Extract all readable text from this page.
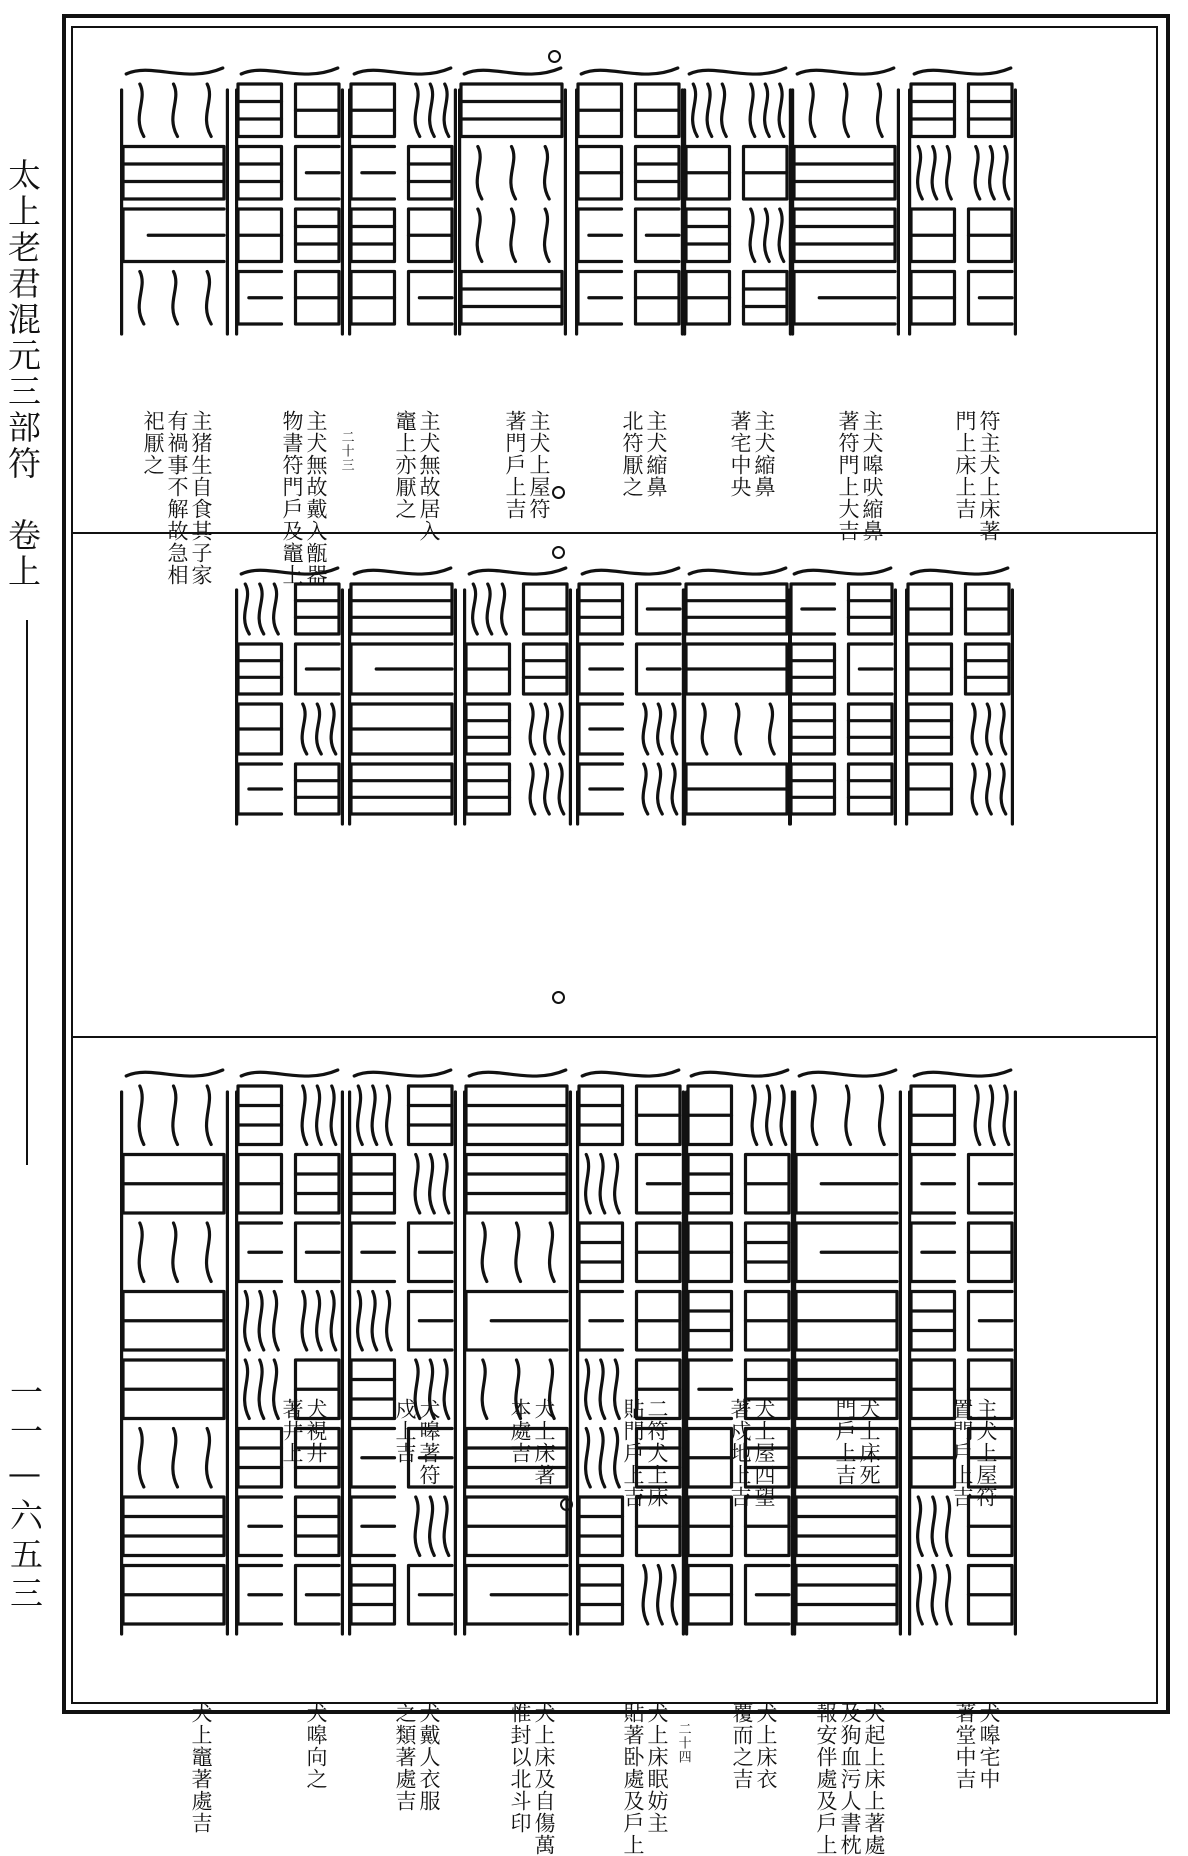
太上老君混元三部符　卷上
一一—六五三
符主犬上床著
門上床上吉
主犬嗥吠縮鼻
著符門上大吉
主犬縮鼻
著宅中央
主犬縮鼻
北符厭之
主犬上屋符
著門戶上吉
主犬無故居入
竈上亦厭之
二十三
主犬無故戴入甑器
物書符門戶及竈上
主猪生自食其子家
有禍事不解故急相
祀厭之
主犬上屋符
置門戶上吉
犬上床死
門戶上吉
犬上屋四望
著戍地上吉
二符犬上床
貼門戶上吉
犬上床著
本處吉
犬嗥著符
戍上吉
犬視井
著井上
犬嗥宅中
著堂中吉
犬起上床上著處
及狗血污人書枕
報安伴處及戶上
犬上床衣
覆而之吉
二十四
犬上床眠妨主
貼著卧處及戶上
犬上床及自傷萬
惟封以北斗印
犬戴人衣服
之類著處吉
犬嗥向之
犬上竈著處吉
